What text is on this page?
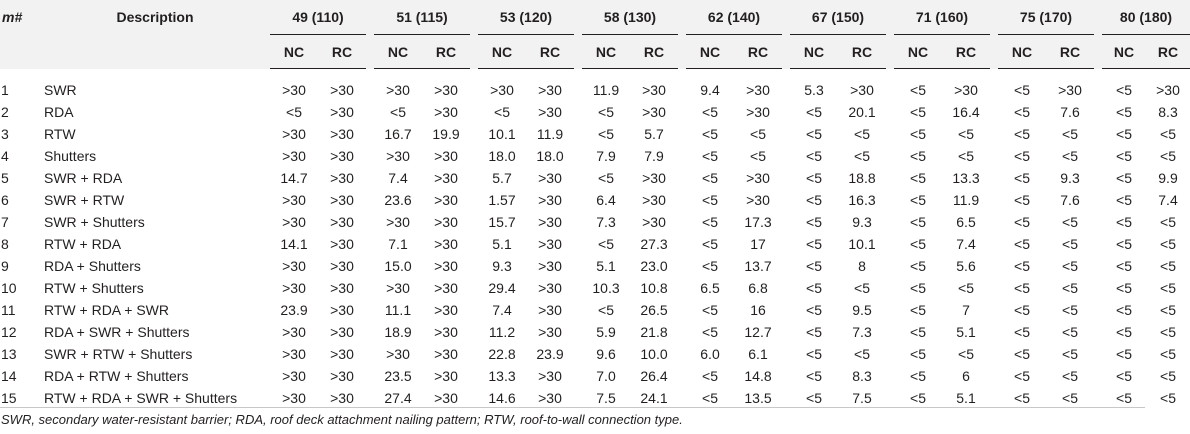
m#	Description	49 (110)			51 (115)			53 (120)			58 (130)			62 (140)			67 (150)			71 (160)			75 (170)			80 (180)	
		NC	RC		NC	RC		NC	RC		NC	RC		NC	RC		NC	RC		NC	RC		NC	RC		NC	RC

1	SWR	>30	>30		>30	>30		>30	>30		11.9	>30		9.4	>30		5.3	>30		<5	>30		<5	>30		<5	>30
2	RDA	<5	>30		<5	>30		<5	>30		<5	>30		<5	>30		<5	20.1		<5	16.4		<5	7.6		<5	8.3
3	RTW	>30	>30		16.7	19.9		10.1	11.9		<5	5.7		<5	<5		<5	<5		<5	<5		<5	<5		<5	<5
4	Shutters	>30	>30		>30	>30		18.0	18.0		7.9	7.9		<5	<5		<5	<5		<5	<5		<5	<5		<5	<5
5	SWR + RDA	14.7	>30		7.4	>30		5.7	>30		<5	>30		<5	>30		<5	18.8		<5	13.3		<5	9.3		<5	9.9
6	SWR + RTW	>30	>30		23.6	>30		1.57	>30		6.4	>30		<5	>30		<5	16.3		<5	11.9		<5	7.6		<5	7.4
7	SWR + Shutters	>30	>30		>30	>30		15.7	>30		7.3	>30		<5	17.3		<5	9.3		<5	6.5		<5	<5		<5	<5
8	RTW + RDA	14.1	>30		7.1	>30		5.1	>30		<5	27.3		<5	17		<5	10.1		<5	7.4		<5	<5		<5	<5
9	RDA + Shutters	>30	>30		15.0	>30		9.3	>30		5.1	23.0		<5	13.7		<5	8		<5	5.6		<5	<5		<5	<5
10	RTW + Shutters	>30	>30		>30	>30		29.4	>30		10.3	10.8		6.5	6.8		<5	<5		<5	<5		<5	<5		<5	<5
11	RTW + RDA + SWR	23.9	>30		11.1	>30		7.4	>30		<5	26.5		<5	16		<5	9.5		<5	7		<5	<5		<5	<5
12	RDA + SWR + Shutters	>30	>30		18.9	>30		11.2	>30		5.9	21.8		<5	12.7		<5	7.3		<5	5.1		<5	<5		<5	<5
13	SWR + RTW + Shutters	>30	>30		>30	>30		22.8	23.9		9.6	10.0		6.0	6.1		<5	<5		<5	<5		<5	<5		<5	<5
14	RDA + RTW + Shutters	>30	>30		23.5	>30		13.3	>30		7.0	26.4		<5	14.8		<5	8.3		<5	6		<5	<5		<5	<5
15	RTW + RDA + SWR + Shutters	>30	>30		27.4	>30		14.6	>30		7.5	24.1		<5	13.5		<5	7.5		<5	5.1		<5	<5		<5	<5
SWR, secondary water-resistant barrier; RDA, roof deck attachment nailing pattern; RTW, roof-to-wall connection type.
